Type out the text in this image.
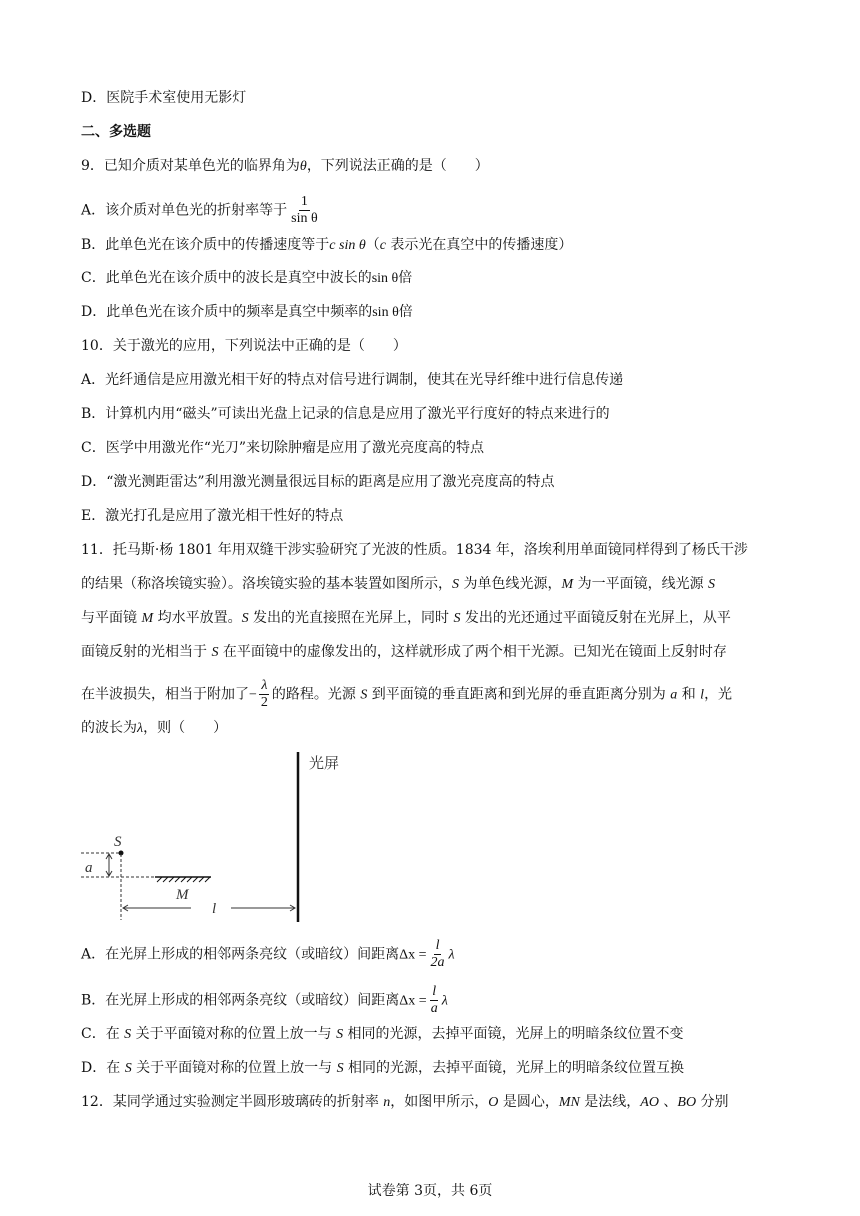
D．医院手术室使用无影灯
二、多选题
9．已知介质对某单色光的临界角为θ，下列说法正确的是（　　）
A．该介质对单色光的折射率等于 $\frac{1}{\text{sin θ}}$
B．此单色光在该介质中的传播速度等于c sin θ（c 表示光在真空中的传播速度）
C．此单色光在该介质中的波长是真空中波长的sin θ倍
D．此单色光在该介质中的频率是真空中频率的sin θ倍
10．关于激光的应用，下列说法中正确的是（　　）
A．光纤通信是应用激光相干好的特点对信号进行调制，使其在光导纤维中进行信息传递
B．计算机内用“磁头”可读出光盘上记录的信息是应用了激光平行度好的特点来进行的
C．医学中用激光作“光刀”来切除肿瘤是应用了激光亮度高的特点
D．“激光测距雷达”利用激光测量很远目标的距离是应用了激光亮度高的特点
E．激光打孔是应用了激光相干性好的特点
11．托马斯·杨 1801 年用双缝干涉实验研究了光波的性质。1834 年，洛埃利用单面镜同样得到了杨氏干涉
的结果（称洛埃镜实验）。洛埃镜实验的基本装置如图所示，S 为单色线光源，M 为一平面镜，线光源 S
与平面镜 M 均水平放置。S 发出的光直接照在光屏上，同时 S 发出的光还通过平面镜反射在光屏上，从平
面镜反射的光相当于 S 在平面镜中的虚像发出的，这样就形成了两个相干光源。已知光在镜面上反射时存
在半波损失，相当于附加了− $\frac{\lambda}{2}$ 的路程。光源 S 到平面镜的垂直距离和到光屏的垂直距离分别为 a 和 l，光
的波长为λ，则（　　）
光屏
S
a
M
l
A．在光屏上形成的相邻两条亮纹（或暗纹）间距离$\Delta x = \frac{l}{2a}$ λ
B．在光屏上形成的相邻两条亮纹（或暗纹）间距离$\Delta x = \frac{l}{a}$ λ
C．在 S 关于平面镜对称的位置上放一与 S 相同的光源，去掉平面镜，光屏上的明暗条纹位置不变
D．在 S 关于平面镜对称的位置上放一与 S 相同的光源，去掉平面镜，光屏上的明暗条纹位置互换
12．某同学通过实验测定半圆形玻璃砖的折射率 n，如图甲所示，O 是圆心，MN 是法线，AO 、BO 分别
试卷第 3页，共 6页
